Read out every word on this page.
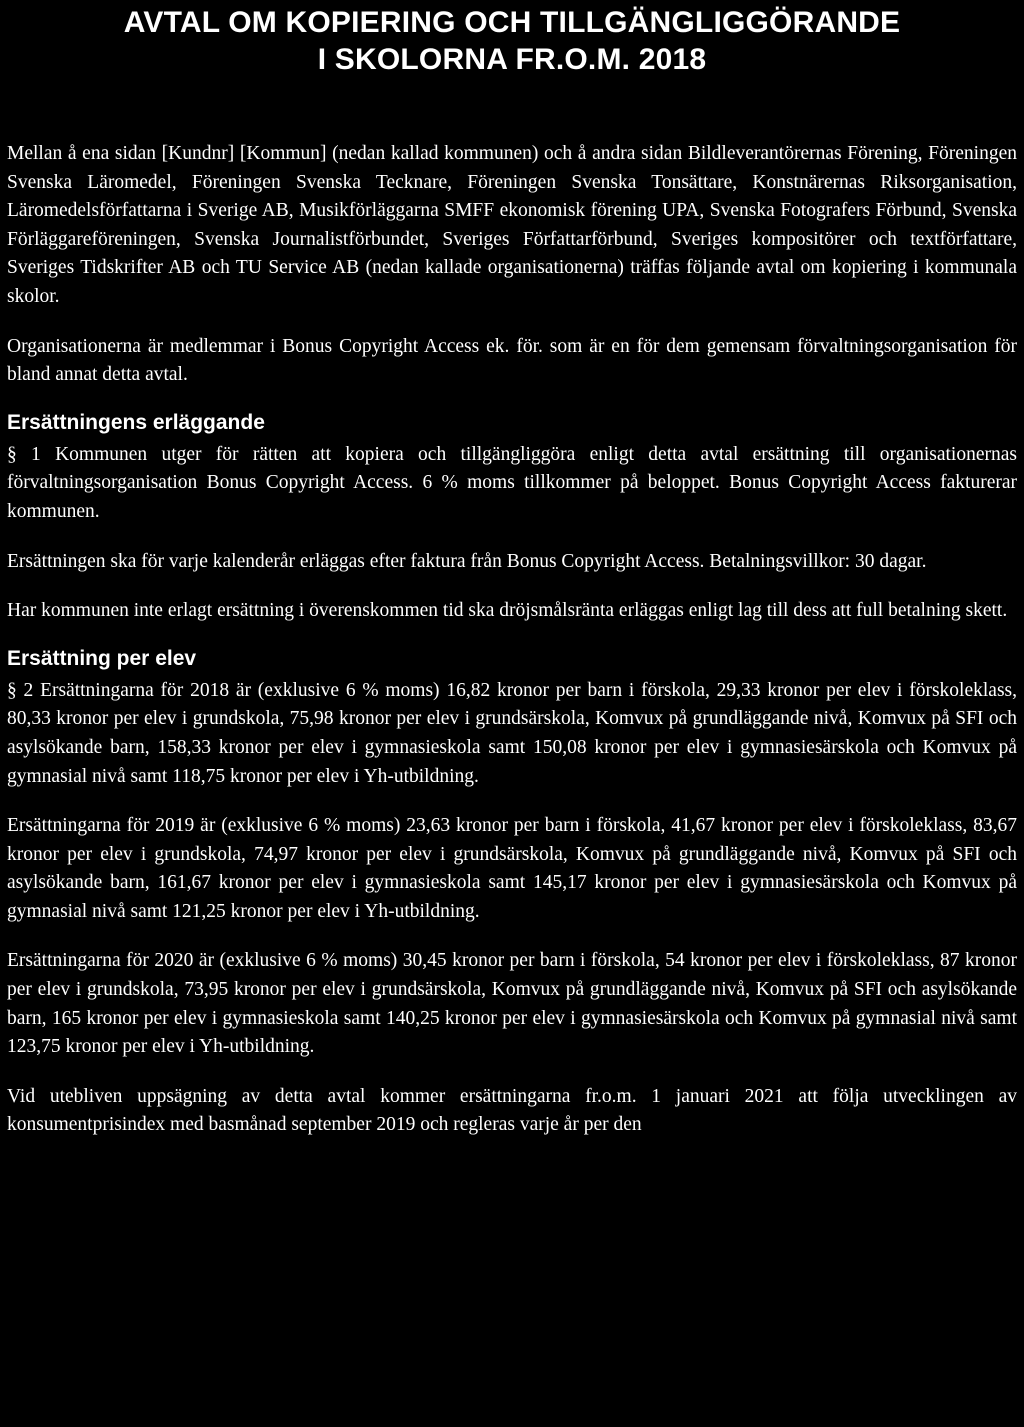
AVTAL OM KOPIERING OCH TILLGÄNGLIGGÖRANDE
I SKOLORNA FR.O.M. 2018

Mellan å ena sidan [Kundnr] [Kommun] (nedan kallad kommunen) och å andra sidan Bildleverantörernas Förening, Föreningen Svenska Läromedel, Föreningen Svenska Tecknare, Föreningen Svenska Tonsättare, Konstnärernas Riksorganisation, Läromedelsförfattarna i Sverige AB, Musikförläggarna SMFF ekonomisk förening UPA, Svenska Fotografers Förbund, Svenska Förläggareföreningen, Svenska Journalistförbundet, Sveriges Författarförbund, Sveriges kompositörer och textförfattare, Sveriges Tidskrifter AB och TU Service AB (nedan kallade organisationerna) träffas följande avtal om kopiering i kommunala skolor.

Organisationerna är medlemmar i Bonus Copyright Access ek. för. som är en för dem gemensam förvaltningsorganisation för bland annat detta avtal.

Ersättningens erläggande

§ 1 Kommunen utger för rätten att kopiera och tillgängliggöra enligt detta avtal ersättning till organisationernas förvaltningsorganisation Bonus Copyright Access. 6 % moms tillkommer på beloppet. Bonus Copyright Access fakturerar kommunen.

Ersättningen ska för varje kalenderår erläggas efter faktura från Bonus Copyright Access. Betalningsvillkor: 30 dagar.

Har kommunen inte erlagt ersättning i överenskommen tid ska dröjsmålsränta erläggas enligt lag till dess att full betalning skett.

Ersättning per elev

§ 2 Ersättningarna för 2018 är (exklusive 6 % moms) 16,82 kronor per barn i förskola, 29,33 kronor per elev i förskoleklass, 80,33 kronor per elev i grundskola, 75,98 kronor per elev i grundsärskola, Komvux på grundläggande nivå, Komvux på SFI och asylsökande barn, 158,33 kronor per elev i gymnasieskola samt 150,08 kronor per elev i gymnasiesärskola och Komvux på gymnasial nivå samt 118,75 kronor per elev i Yh-utbildning.

Ersättningarna för 2019 är (exklusive 6 % moms) 23,63 kronor per barn i förskola, 41,67 kronor per elev i förskoleklass, 83,67 kronor per elev i grundskola, 74,97 kronor per elev i grundsärskola, Komvux på grundläggande nivå, Komvux på SFI och asylsökande barn, 161,67 kronor per elev i gymnasieskola samt 145,17 kronor per elev i gymnasiesärskola och Komvux på gymnasial nivå samt 121,25 kronor per elev i Yh-utbildning.

Ersättningarna för 2020 är (exklusive 6 % moms) 30,45 kronor per barn i förskola, 54 kronor per elev i förskoleklass, 87 kronor per elev i grundskola, 73,95 kronor per elev i grundsärskola, Komvux på grundläggande nivå, Komvux på SFI och asylsökande barn, 165 kronor per elev i gymnasieskola samt 140,25 kronor per elev i gymnasiesärskola och Komvux på gymnasial nivå samt 123,75 kronor per elev i Yh-utbildning.

Vid utebliven uppsägning av detta avtal kommer ersättningarna fr.o.m. 1 januari 2021 att följa utvecklingen av konsumentprisindex med basmånad september 2019 och regleras varje år per den
